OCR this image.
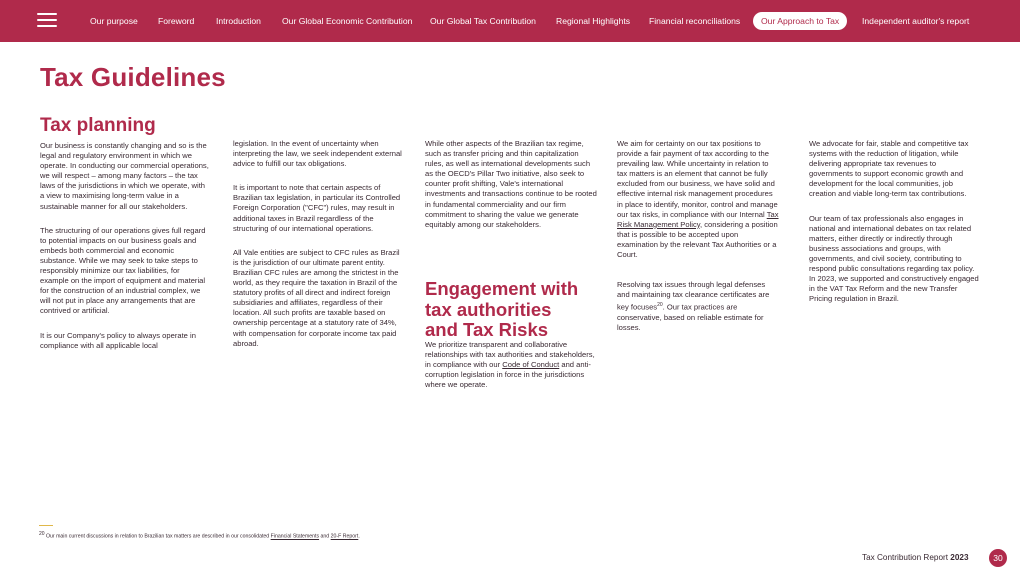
Our purpose Foreword	Introduction Our Global Economic Contribution Our Global Tax Contribution Regional Highlights Financial reconciliations	Our Approach to Tax	Independent auditor's report
Tax Guidelines
Tax planning

Our business is constantly changing and so is the legal and regulatory environment in which we operate. In conducting our commercial operations, we will respect – among many factors – the tax laws of the jurisdictions in which we operate, with a view to maximising long-term value in a sustainable manner for all our stakeholders.

The structuring of our operations gives full regard to potential impacts on our business goals and embeds both commercial and economic substance. While we may seek to take steps to responsibly minimize our tax liabilities, for example on the import of equipment and material for the construction of an industrial complex, we will not put in place any arrangements that are contrived or artificial.

It is our Company's policy to always operate in compliance with all applicable local

legislation. In the event of uncertainty when interpreting the law, we seek independent external advice to fulfill our tax obligations.

It is important to note that certain aspects of Brazilian tax legislation, in particular its Controlled Foreign Corporation ("CFC") rules, may result in additional taxes in Brazil regardless of the structuring of our international operations.

All Vale entities are subject to CFC rules as Brazil is the jurisdiction of our ultimate parent entity. Brazilian CFC rules are among the strictest in the world, as they require the taxation in Brazil of the statutory profits of all direct and indirect foreign subsidiaries and affiliates, regardless of their location. All such profits are taxable based on ownership percentage at a statutory rate of 34%, with compensation for corporate income tax paid abroad.

While other aspects of the Brazilian tax regime, such as transfer pricing and thin capitalization rules, as well as international developments such as the OECD's Pillar Two initiative, also seek to counter profit shifting, Vale's international investments and transactions continue to be rooted in fundamental commerciality and our firm commitment to sharing the value we generate equitably among our stakeholders.

Engagement with
tax authorities
and Tax Risks

We prioritize transparent and collaborative relationships with tax authorities and stakeholders, in compliance with our Code of Conduct and anti-corruption legislation in force in the jurisdictions where we operate.

We aim for certainty on our tax positions to provide a fair payment of tax according to the prevailing law. While uncertainty in relation to tax matters is an element that cannot be fully excluded from our business, we have solid and effective internal risk management procedures in place to identify, monitor, control and manage our tax risks, in compliance with our Internal Tax Risk Management Policy, considering a position that is possible to be accepted upon examination by the relevant Tax Authorities or a Court.

Resolving tax issues through legal defenses and maintaining tax clearance certificates are key focuses$^{20}$. Our tax practices are conservative, based on reliable estimate for losses.

We advocate for fair, stable and competitive tax systems with the reduction of litigation, while delivering appropriate tax revenues to governments to support economic growth and development for the local communities, job creation and viable long-term tax contributions.

Our team of tax professionals also engages in national and international debates on tax related matters, either directly or indirectly through business associations and groups, with governments, and civil society, contributing to respond public consultations regarding tax policy. In 2023, we supported and constructively engaged in the VAT Tax Reform and the new Transfer Pricing regulation in Brazil.

$^{20}$ Our main current discussions in relation to Brazilian tax matters are described in our consolidated Financial Statements and 20-F Report.
Tax Contribution Report 2023	30
